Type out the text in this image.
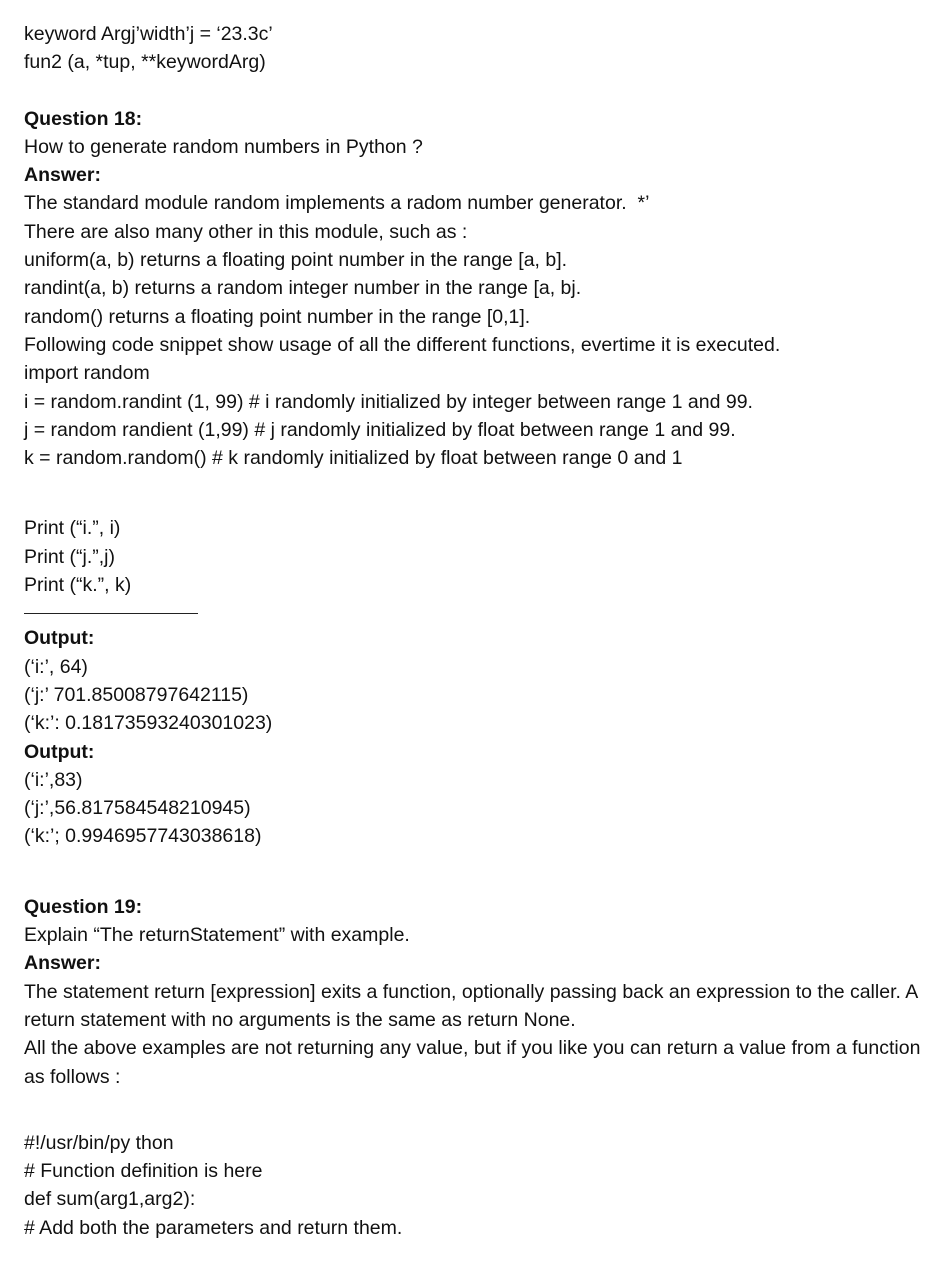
keyword Argj’width’j = ‘23.3c’

fun2 (a, *tup, **keywordArg)

Question 18:

How to generate random numbers in Python ?

Answer:

The standard module random implements a radom number generator.  *’

There are also many other in this module, such as :

uniform(a, b) returns a floating point number in the range [a, b].

randint(a, b) returns a random integer number in the range [a, bj.

random() returns a floating point number in the range [0,1].

Following code snippet show usage of all the different functions, evertime it is executed.

import random

i = random.randint (1, 99) # i randomly initialized by integer between range 1 and 99.

j = random randient (1,99) # j randomly initialized by float between range 1 and 99.

k = random.random() # k randomly initialized by float between range 0 and 1

Print (“i.”, i)

Print (“j.”,j)

Print (“k.”, k)

Output:

(‘i:’, 64)

(‘j:’ 701.85008797642115)

(‘k:’: 0.18173593240301023)

Output:

(‘i:’,83)

(‘j:’,56.817584548210945)

(‘k:’; 0.9946957743038618)

Question 19:

Explain “The returnStatement” with example.

Answer:

The statement return [expression] exits a function, optionally passing back an expression to the caller. A return statement with no arguments is the same as return None.

All the above examples are not returning any value, but if you like you can return a value from a function as follows :

#!/usr/bin/py thon

# Function definition is here

def sum(arg1,arg2):

# Add both the parameters and return them.
